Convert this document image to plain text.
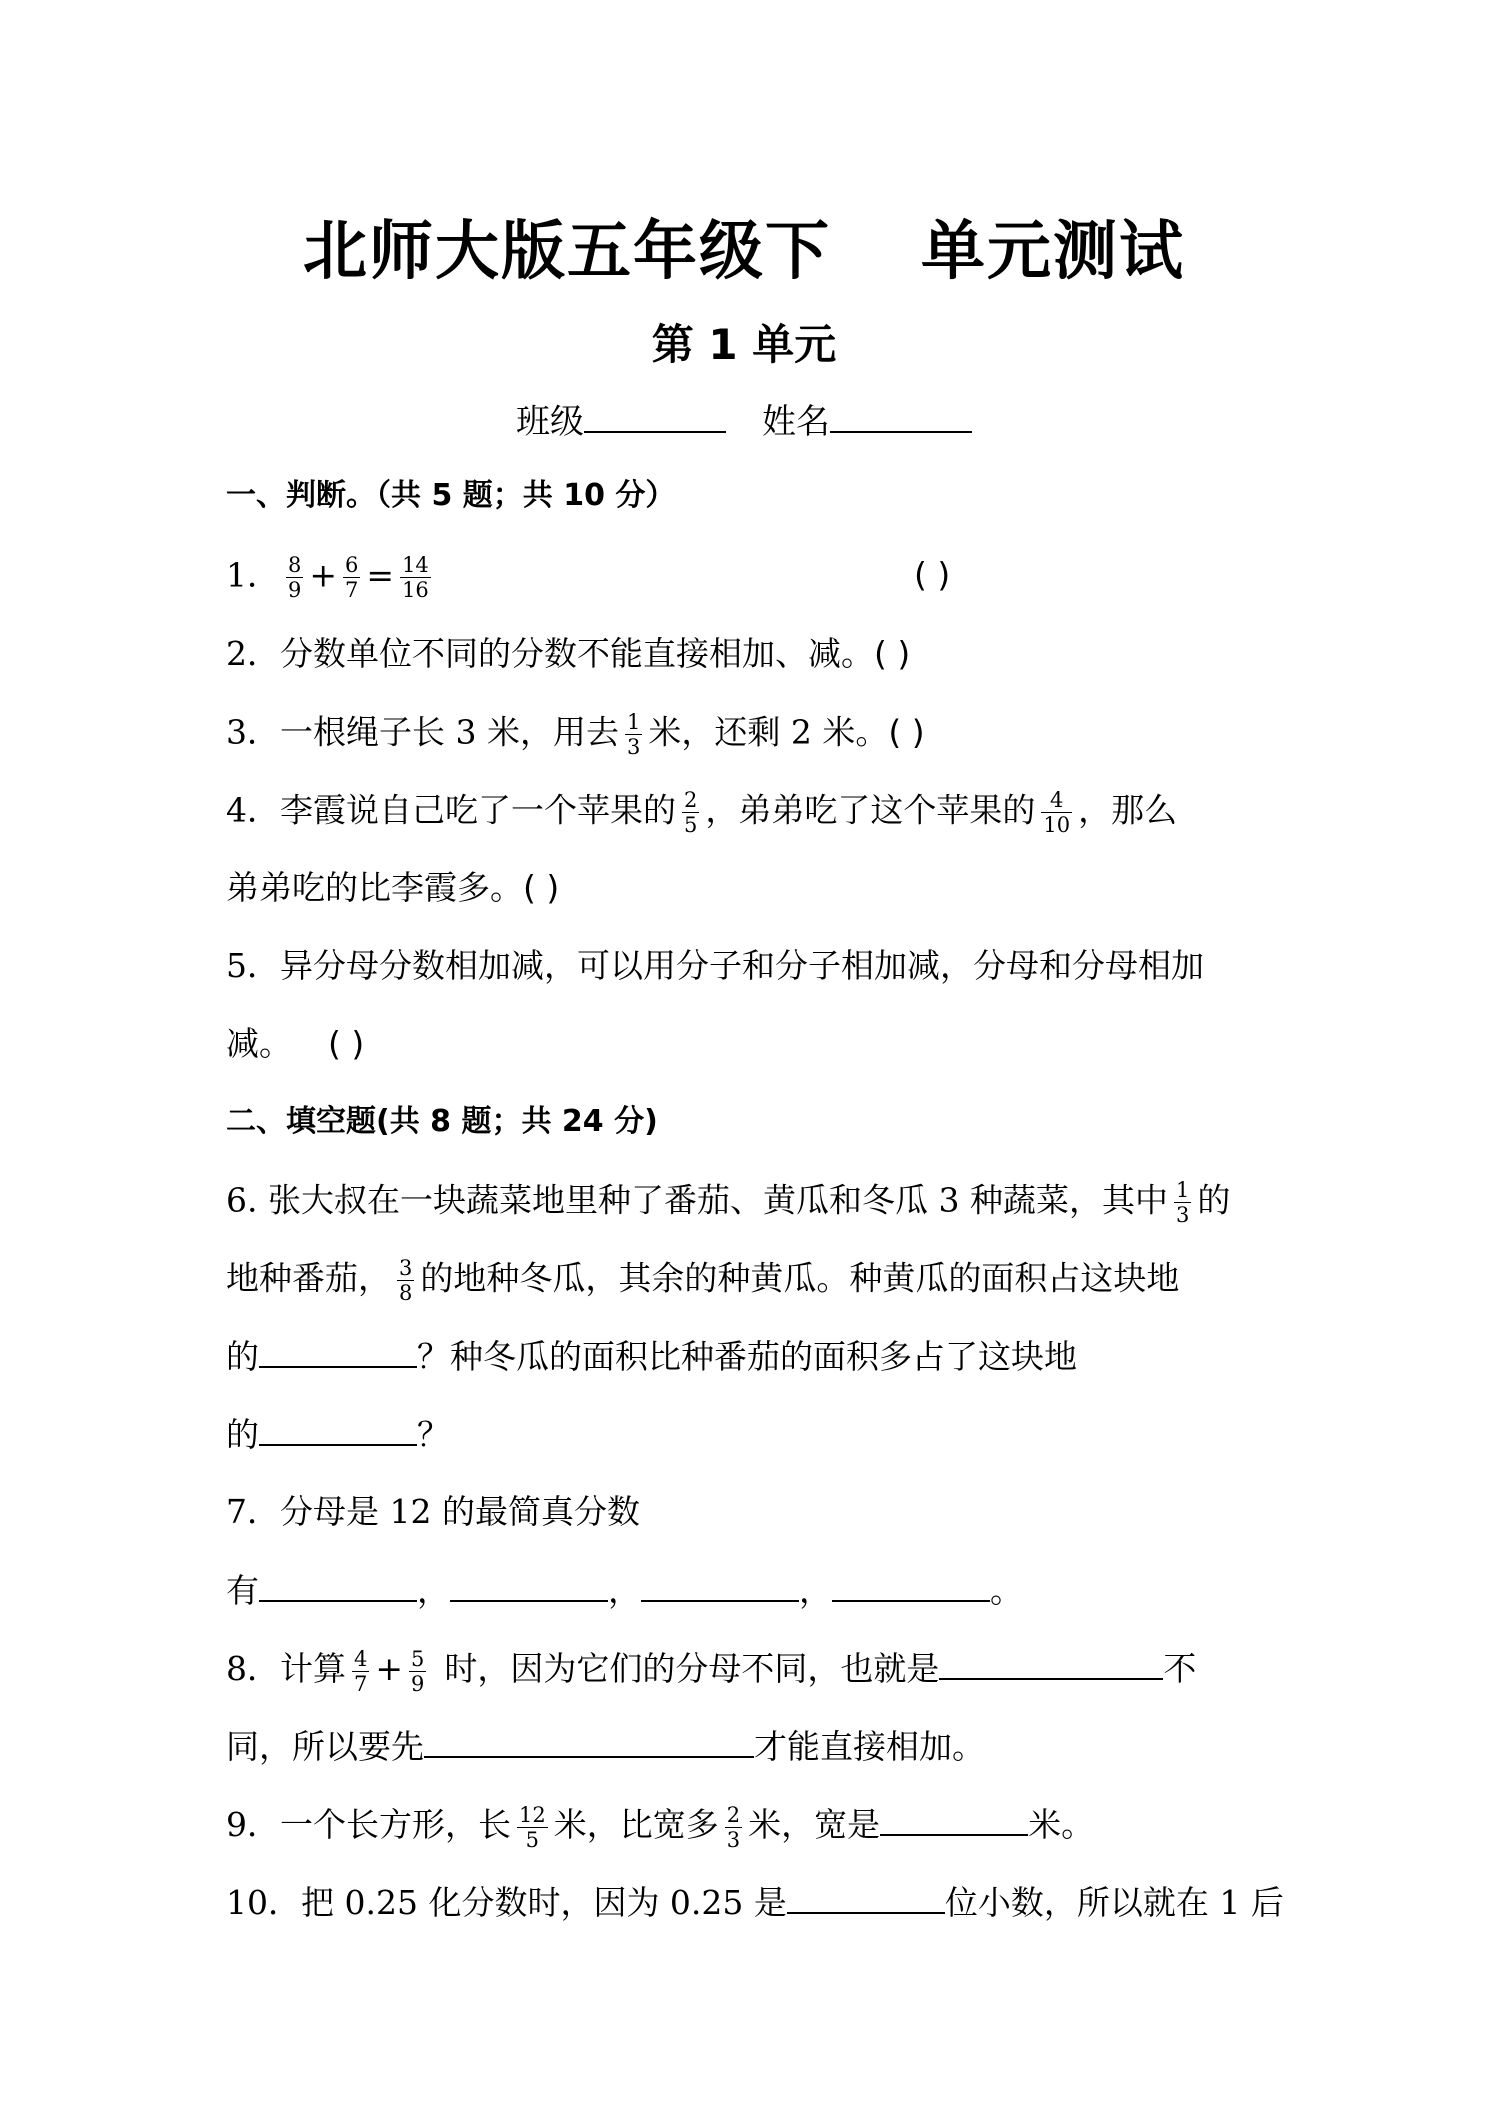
北师大版五年级下 单元测试
第 1 单元
班级	姓名
一、判断。（共 5 题；共 10 分）
1． $\frac{8}{9} + \frac{6}{7} = \frac{14}{16}$	( )
2．分数单位不同的分数不能直接相加、减。( )
3．一根绳子长 3 米，用去 $\frac{1}{3}$ 米，还剩 2 米。( )
4．李霞说自己吃了一个苹果的 $\frac{2}{5}$ ，弟弟吃了这个苹果的 $\frac{4}{10}$ ，那么
弟弟吃的比李霞多。( )
5．异分母分数相加减，可以用分子和分子相加减，分母和分母相加
减。 ( )
二、填空题(共 8 题；共 24 分)
6. 张大叔在一块蔬菜地里种了番茄、黄瓜和冬瓜 3 种蔬菜，其中 $\frac{1}{3}$ 的
地种番茄， $\frac{3}{8}$ 的地种冬瓜，其余的种黄瓜。种黄瓜的面积占这块地
的	？种冬瓜的面积比种番茄的面积多占了这块地
的	？
7．分母是 12 的最简真分数
有	，	，	，	。
8．计算 $\frac{4}{7} + \frac{5}{9}$ 时，因为它们的分母不同，也就是	不
同，所以要先	才能直接相加。
9．一个长方形，长 $\frac{12}{5}$ 米，比宽多 $\frac{2}{3}$ 米，宽是	米。
10．把 0.25 化分数时，因为 0.25 是	位小数，所以就在 1 后
